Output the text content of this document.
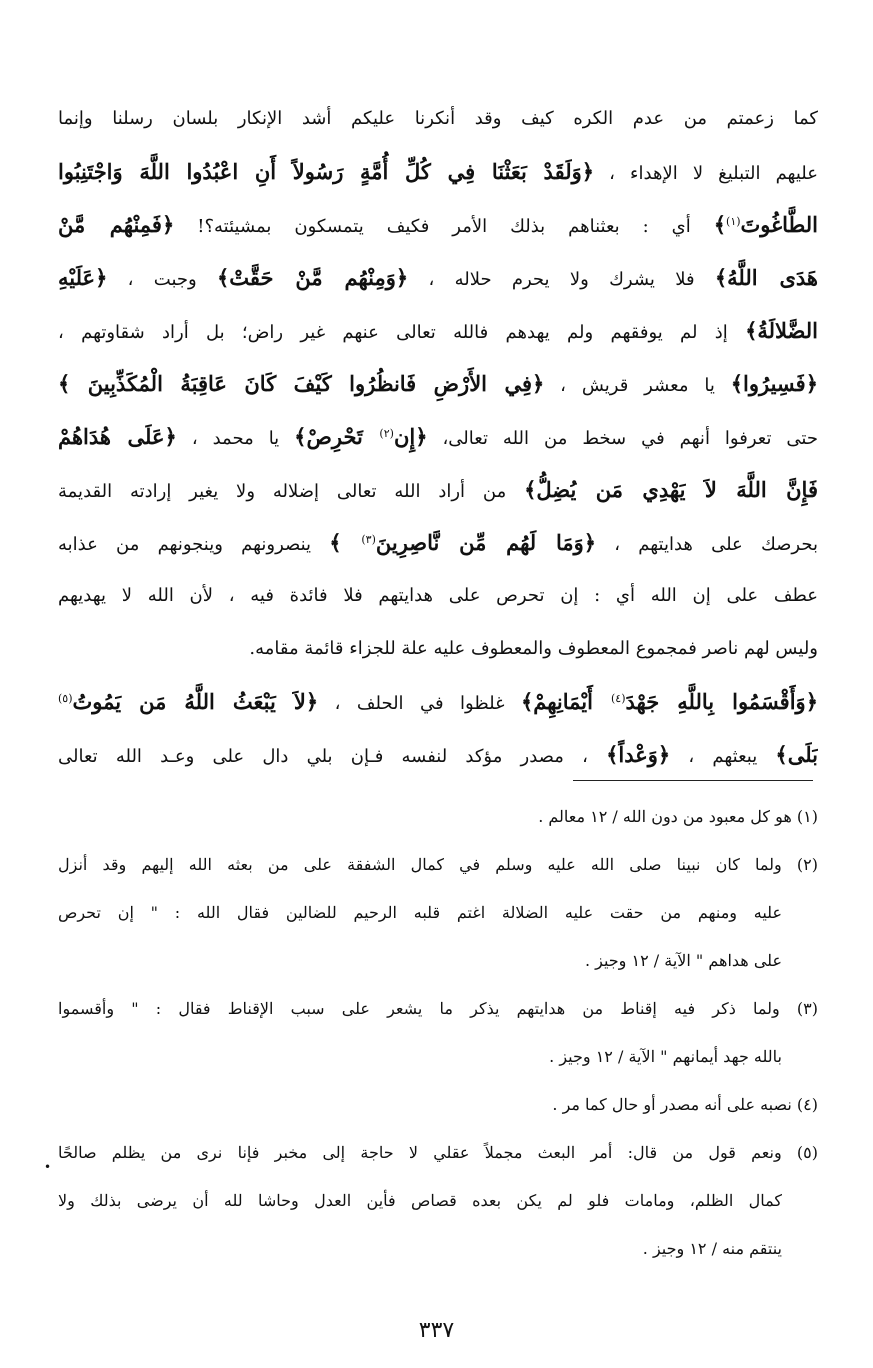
كما زعمتم من عدم الكره كيف وقد أنكرنا عليكم أشد الإنكار بلسان رسلنا وإنما
عليهم التبليغ لا الإهداء ، ﴿وَلَقَدْ بَعَثْنَا فِي كُلِّ أُمَّةٍ رَسُولاً أَنِ اعْبُدُوا اللَّهَ وَاجْتَنِبُوا
الطَّاغُوتَ$^{(١)}$﴾ أي : بعثناهم بذلك الأمر فكيف يتمسكون بمشيئته؟! ﴿فَمِنْهُم مَّنْ
هَدَى اللَّهُ﴾ فلا يشرك ولا يحرم حلاله ، ﴿وَمِنْهُم مَّنْ حَقَّتْ﴾ وجبت ، ﴿عَلَيْهِ
الضَّلالَةُ﴾ إذ لم يوفقهم ولم يهدهم فالله تعالى عنهم غير راض؛ بل أراد شقاوتهم ،
﴿فَسِيرُوا﴾ يا معشر قريش ، ﴿فِي الأَرْضِ فَانظُرُوا كَيْفَ كَانَ عَاقِبَةُ الْمُكَذِّبِينَ ﴾
حتى تعرفوا أنهم في سخط من الله تعالى، ﴿إِن$^{(٢)}$ تَحْرِصْ﴾ يا محمد ، ﴿عَلَى هُدَاهُمْ
فَإِنَّ اللَّهَ لاَ يَهْدِي مَن يُضِلُّ﴾ من أراد الله تعالى إضلاله ولا يغير إرادته القديمة
بحرصك على هدايتهم ، ﴿وَمَا لَهُم مِّن نَّاصِرِينَ$^{(٣)}$ ﴾ ينصرونهم وينجونهم من عذابه
عطف على إن الله أي : إن تحرص على هدايتهم فلا فائدة فيه ، لأن الله لا يهديهم
وليس لهم ناصر فمجموع المعطوف والمعطوف عليه علة للجزاء قائمة مقامه.
﴿وَأَقْسَمُوا بِاللَّهِ جَهْدَ$^{(٤)}$ أَيْمَانِهِمْ﴾ غلظوا في الحلف ، ﴿لاَ يَبْعَثُ اللَّهُ مَن يَمُوتُ$^{(٥)}$
بَلَى﴾ يبعثهم ، ﴿وَعْداً﴾ ، مصدر مؤكد لنفسه فـإن بلي دال على وعـد الله تعالى
(١) هو كل معبود من دون الله / ١٢ معالم .
(٢) ولما كان نبينا صلى الله عليه وسلم في كمال الشفقة على من بعثه الله إليهم وقد أنزل
عليه ومنهم من حقت عليه الضلالة اغتم قلبه الرحيم للضالين فقال الله : " إن تحرص
على هداهم " الآية / ١٢ وجيز .
(٣) ولما ذكر فيه إقناط من هدايتهم يذكر ما يشعر على سبب الإقناط فقال : " وأقسموا
بالله جهد أيمانهم " الآية / ١٢ وجيز .
(٤) نصبه على أنه مصدر أو حال كما مر .
(٥) ونعم قول من قال: أمر البعث مجملاً عقلي لا حاجة إلى مخبر فإنا نرى من يظلم صالحًا
كمال الظلم، ومامات فلو لم يكن بعده قصاص فأين العدل وحاشا لله أن يرضى بذلك ولا
ينتقم منه / ١٢ وجيز .
•
٣٣٧
